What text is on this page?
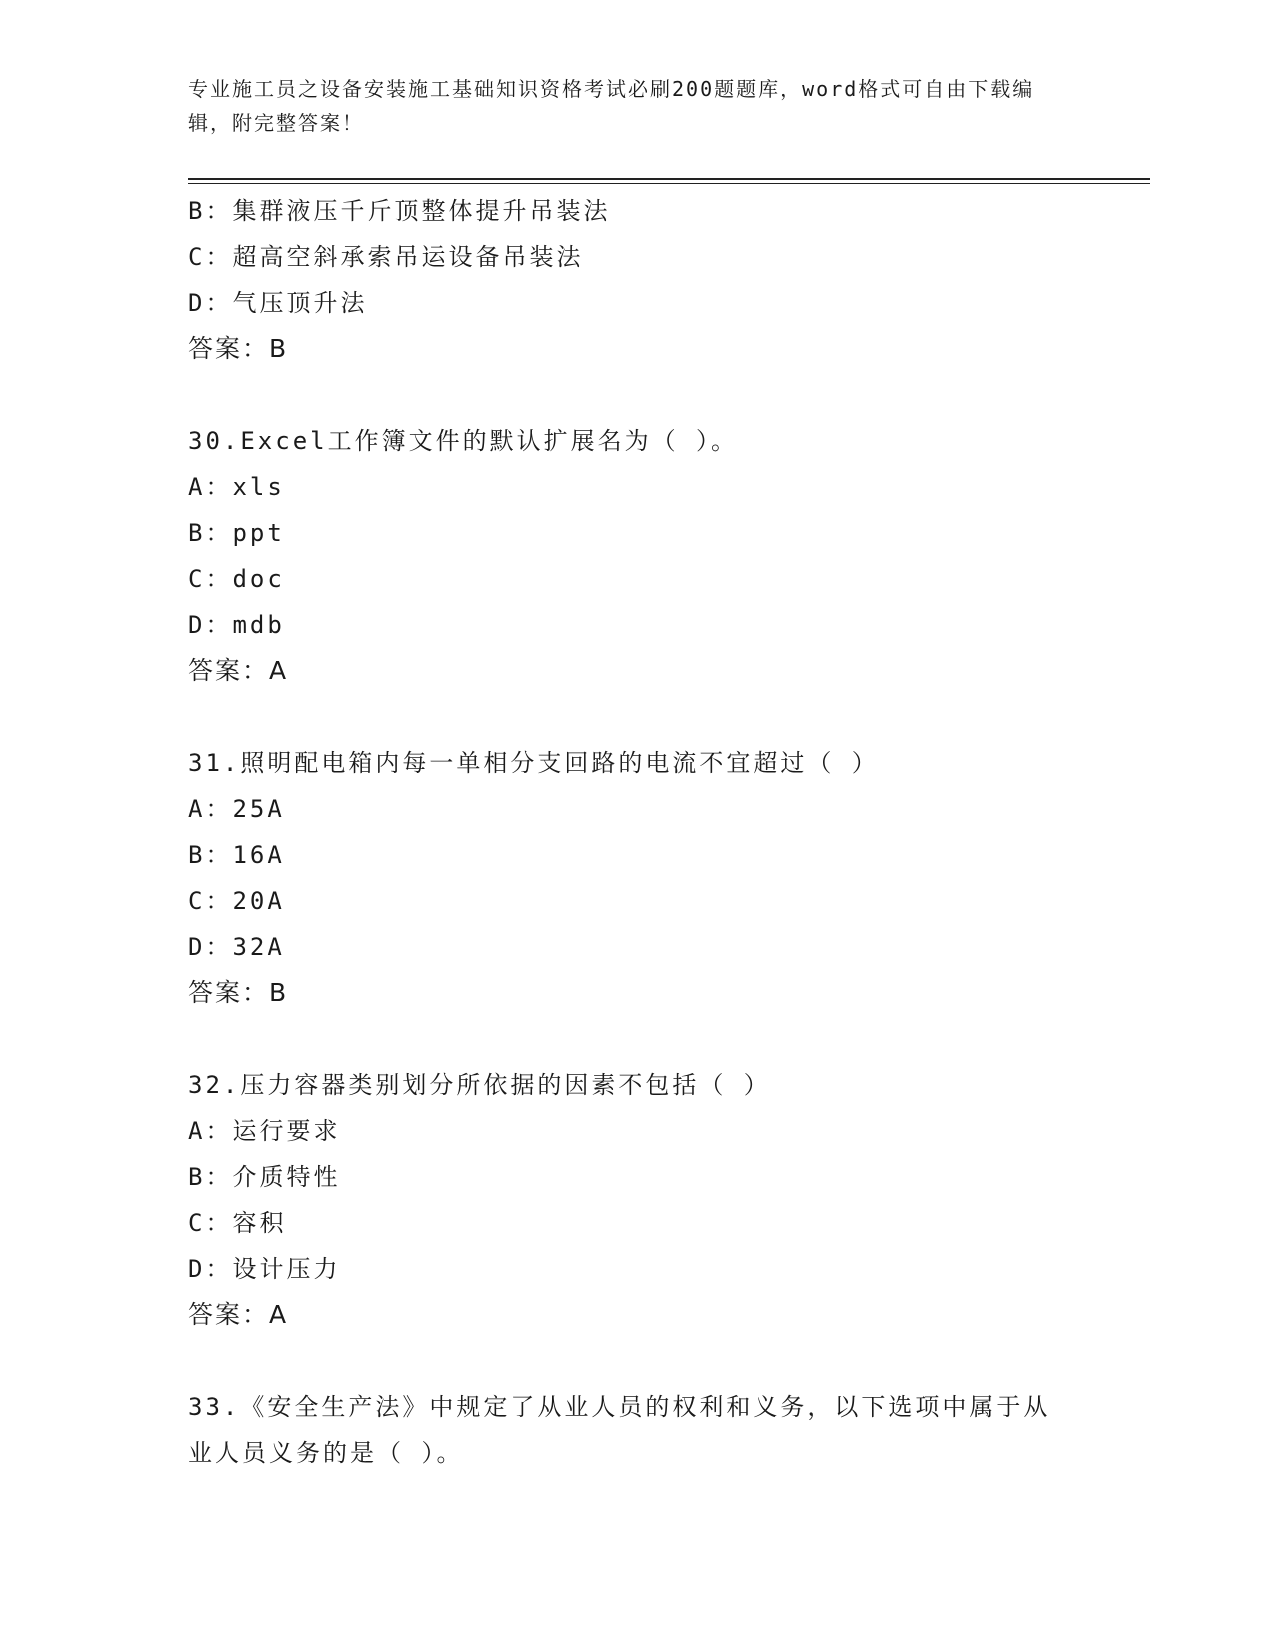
专业施工员之设备安装施工基础知识资格考试必刷200题题库，word格式可自由下载编辑，附完整答案！
B：集群液压千斤顶整体提升吊装法
C：超高空斜承索吊运设备吊装法
D：气压顶升法
答案：B
30.Excel工作簿文件的默认扩展名为（ ）。
A：xls
B：ppt
C：doc
D：mdb
答案：A
31.照明配电箱内每一单相分支回路的电流不宜超过（ ）
A：25A
B：16A
C：20A
D：32A
答案：B
32.压力容器类别划分所依据的因素不包括（ ）
A：运行要求
B：介质特性
C：容积
D：设计压力
答案：A
33.《安全生产法》中规定了从业人员的权利和义务，以下选项中属于从业人员义务的是（ ）。
